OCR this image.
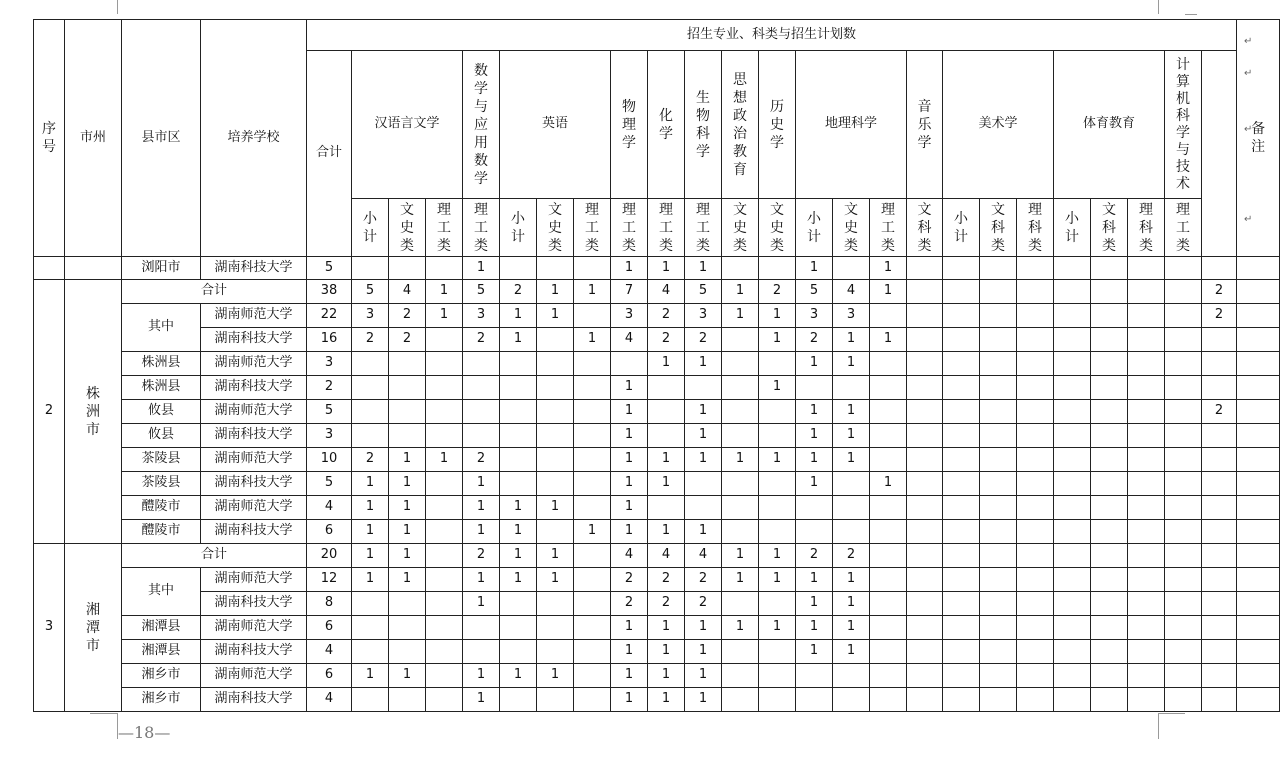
序号	市州	县市区	培养学校	招生专业、科类与招生计划数																									备注
				合计	汉语言文学			数学与应用数学	英语			物理学	化学	生物科学	思想政治教育	历史学	地理科学			音乐学	美术学			体育教育			计算机科学与技术		
					小计	文史类	理工类	理工类	小计	文史类	理工类	理工类	理工类	理工类	文史类	文史类	小计	文史类	理工类	文科类	小计	文科类	理科类	小计	文科类	理科类	理工类		
		浏阳市	湖南科技大学	5				1				1	1	1			1		1										
2	株洲市	合计		38	5	4	1	5	2	1	1	7	4	5	1	2	5	4	1									2	
		其中	湖南师范大学	22	3	2	1	3	1	1		3	2	3	1	1	3	3										2	
			湖南科技大学	16	2	2		2	1		1	4	2	2		1	2	1	1										
		株洲县	湖南师范大学	3									1	1			1	1											
		株洲县	湖南科技大学	2								1				1													
		攸县	湖南师范大学	5								1		1			1	1										2	
		攸县	湖南科技大学	3								1		1			1	1											
		茶陵县	湖南师范大学	10	2	1	1	2				1	1	1	1	1	1	1											
		茶陵县	湖南科技大学	5	1	1		1				1	1				1		1										
		醴陵市	湖南师范大学	4	1	1		1	1	1		1																	
		醴陵市	湖南科技大学	6	1	1		1	1		1	1	1	1															
3	湘潭市	合计		20	1	1		2	1	1		4	4	4	1	1	2	2											
		其中	湖南师范大学	12	1	1		1	1	1		2	2	2	1	1	1	1											
			湖南科技大学	8				1				2	2	2			1	1											
		湘潭县	湖南师范大学	6								1	1	1	1	1	1	1											
		湘潭县	湖南科技大学	4								1	1	1			1	1											
		湘乡市	湖南师范大学	6	1	1		1	1	1		1	1	1															
		湘乡市	湖南科技大学	4				1				1	1	1															
—18—
↵
↵
↵
↵
